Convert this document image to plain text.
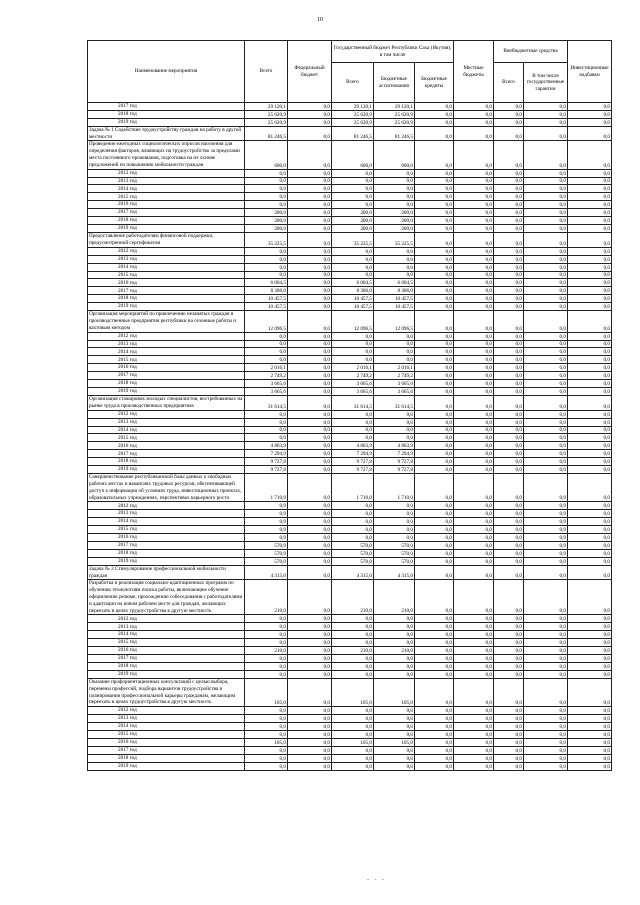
10
Наименование мероприятия	Всего	Федеральный бюджет	Государственный бюджет Республики Саха (Якутия), в том числе			Местные бюджеты	Внебюджетные средства		Инвестиционные надбавки
			Всего	Бюджетные ассигнования	Бюджетные кредиты		Всего	В том числе государственные гарантии	
2017 год	29 120,1	0,0	29 120,1	29 120,1	0,0	0,0	0,0	0,0	0,0
2018 год	25 620,9	0,0	25 620,9	25 620,9	0,0	0,0	0,0	0,0	0,0
2019 год	25 620,9	0,0	25 620,9	25 620,9	0,0	0,0	0,0	0,0	0,0
Задача № 1 Содействие трудоустройству граждан на работу в другой местности	81 246,5	0,0	81 246,5	81 246,5	0,0	0,0	0,0	0,0	0,0
Проведение ежегодных социологических опросов населения для определения факторов, влияющих на трудоустройство за пределами места постоянного проживания, подготовка на их основе предложений по повышению мобильности граждан	600,0	0,0	600,0	600,0	0,0	0,0	0,0	0,0	0,0
2012 год	0,0	0,0	0,0	0,0	0,0	0,0	0,0	0,0	0,0
2013 год	0,0	0,0	0,0	0,0	0,0	0,0	0,0	0,0	0,0
2014 год	0,0	0,0	0,0	0,0	0,0	0,0	0,0	0,0	0,0
2015 год	0,0	0,0	0,0	0,0	0,0	0,0	0,0	0,0	0,0
2016 год	0,0	0,0	0,0	0,0	0,0	0,0	0,0	0,0	0,0
2017 год	200,0	0,0	200,0	200,0	0,0	0,0	0,0	0,0	0,0
2018 год	200,0	0,0	200,0	200,0	0,0	0,0	0,0	0,0	0,0
2019 год	200,0	0,0	200,0	200,0	0,0	0,0	0,0	0,0	0,0
Предоставление работодателям финансовой поддержки, предусмотренной сертификатом	35 225,5	0,0	35 225,5	35 225,5	0,0	0,0	0,0	0,0	0,0
2012 год	0,0	0,0	0,0	0,0	0,0	0,0	0,0	0,0	0,0
2013 год	0,0	0,0	0,0	0,0	0,0	0,0	0,0	0,0	0,0
2014 год	0,0	0,0	0,0	0,0	0,0	0,0	0,0	0,0	0,0
2015 год	0,0	0,0	0,0	0,0	0,0	0,0	0,0	0,0	0,0
2016 год	6 004,5	0,0	6 004,5	6 004,5	0,0	0,0	0,0	0,0	0,0
2017 год	8 306,0	0,0	8 306,0	8 306,0	0,0	0,0	0,0	0,0	0,0
2018 год	10 457,5	0,0	10 457,5	10 457,5	0,0	0,0	0,0	0,0	0,0
2019 год	10 457,5	0,0	10 457,5	10 457,5	0,0	0,0	0,0	0,0	0,0
Организация мероприятий по привлечению незанятых граждан в производственные предприятия республики на сезонные работы и вахтовым методом	12 096,5	0,0	12 096,5	12 096,5	0,0	0,0	0,0	0,0	0,0
2012 год	0,0	0,0	0,0	0,0	0,0	0,0	0,0	0,0	0,0
2013 год	0,0	0,0	0,0	0,0	0,0	0,0	0,0	0,0	0,0
2014 год	0,0	0,0	0,0	0,0	0,0	0,0	0,0	0,0	0,0
2015 год	0,0	0,0	0,0	0,0	0,0	0,0	0,0	0,0	0,0
2016 год	2 016,1	0,0	2 016,1	2 016,1	0,0	0,0	0,0	0,0	0,0
2017 год	2 749,2	0,0	2 749,2	2 749,2	0,0	0,0	0,0	0,0	0,0
2018 год	3 665,6	0,0	3 665,6	3 665,6	0,0	0,0	0,0	0,0	0,0
2019 год	3 665,6	0,0	3 665,6	3 665,6	0,0	0,0	0,0	0,0	0,0
Организация стажировок молодых специалистов, востребованных на рынке труда в производственных предприятиях	31 614,5	0,0	31 614,5	31 614,5	0,0	0,0	0,0	0,0	0,0
2012 год	0,0	0,0	0,0	0,0	0,0	0,0	0,0	0,0	0,0
2013 год	0,0	0,0	0,0	0,0	0,0	0,0	0,0	0,0	0,0
2014 год	0,0	0,0	0,0	0,0	0,0	0,0	0,0	0,0	0,0
2015 год	0,0	0,0	0,0	0,0	0,0	0,0	0,0	0,0	0,0
2016 год	4 863,9	0,0	4 863,9	4 863,9	0,0	0,0	0,0	0,0	0,0
2017 год	7 294,9	0,0	7 294,9	7 294,9	0,0	0,0	0,0	0,0	0,0
2018 год	9 727,8	0,0	9 727,8	9 727,8	0,0	0,0	0,0	0,0	0,0
2019 год	9 727,8	0,0	9 727,8	9 727,8	0,0	0,0	0,0	0,0	0,0
Совершенствование республиканской базы данных о свободных рабочих местах и вакансиях трудовых ресурсов, обеспечивающей доступ к информации об условиях труда, инвестиционных проектах, образовательных учреждениях, перспективах карьерного роста	1 710,0	0,0	1 710,0	1 710,0	0,0	0,0	0,0	0,0	0,0
2012 год	0,0	0,0	0,0	0,0	0,0	0,0	0,0	0,0	0,0
2013 год	0,0	0,0	0,0	0,0	0,0	0,0	0,0	0,0	0,0
2014 год	0,0	0,0	0,0	0,0	0,0	0,0	0,0	0,0	0,0
2015 год	0,0	0,0	0,0	0,0	0,0	0,0	0,0	0,0	0,0
2016 год	0,0	0,0	0,0	0,0	0,0	0,0	0,0	0,0	0,0
2017 год	570,0	0,0	570,0	570,0	0,0	0,0	0,0	0,0	0,0
2018 год	570,0	0,0	570,0	570,0	0,0	0,0	0,0	0,0	0,0
2019 год	570,0	0,0	570,0	570,0	0,0	0,0	0,0	0,0	0,0
Задача № 2 Стимулирование профессиональной мобильности граждан	4 315,0	0,0	4 315,0	4 315,0	0,0	0,0	0,0	0,0	0,0
Разработка и реализация социально-адаптационных программ по обучению технологиям поиска работы, включающим обучение оформлению резюме, прохождению собеседования с работодателями и адаптации на новом рабочем месте для граждан, желающих переехать в целях трудоустройства в другую местность	210,0	0,0	210,0	210,0	0,0	0,0	0,0	0,0	0,0
2012 год	0,0	0,0	0,0	0,0	0,0	0,0	0,0	0,0	0,0
2013 год	0,0	0,0	0,0	0,0	0,0	0,0	0,0	0,0	0,0
2014 год	0,0	0,0	0,0	0,0	0,0	0,0	0,0	0,0	0,0
2015 год	0,0	0,0	0,0	0,0	0,0	0,0	0,0	0,0	0,0
2016 год	210,0	0,0	210,0	210,0	0,0	0,0	0,0	0,0	0,0
2017 год	0,0	0,0	0,0	0,0	0,0	0,0	0,0	0,0	0,0
2018 год	0,0	0,0	0,0	0,0	0,0	0,0	0,0	0,0	0,0
2019 год	0,0	0,0	0,0	0,0	0,0	0,0	0,0	0,0	0,0
Оказание профориентационных консультаций с целью выбора, перемены профессий, подбора вариантов трудоустройства и планирования профессиональной карьеры гражданам, желающим переехать в целях трудоустройства в другую местность	105,0	0,0	105,0	105,0	0,0	0,0	0,0	0,0	0,0
2012 год	0,0	0,0	0,0	0,0	0,0	0,0	0,0	0,0	0,0
2013 год	0,0	0,0	0,0	0,0	0,0	0,0	0,0	0,0	0,0
2014 год	0,0	0,0	0,0	0,0	0,0	0,0	0,0	0,0	0,0
2015 год	0,0	0,0	0,0	0,0	0,0	0,0	0,0	0,0	0,0
2016 год	105,0	0,0	105,0	105,0	0,0	0,0	0,0	0,0	0,0
2017 год	0,0	0,0	0,0	0,0	0,0	0,0	0,0	0,0	0,0
2018 год	0,0	0,0	0,0	0,0	0,0	0,0	0,0	0,0	0,0
2019 год	0,0	0,0	0,0	0,0	0,0	0,0	0,0	0,0	0,0
- - -
